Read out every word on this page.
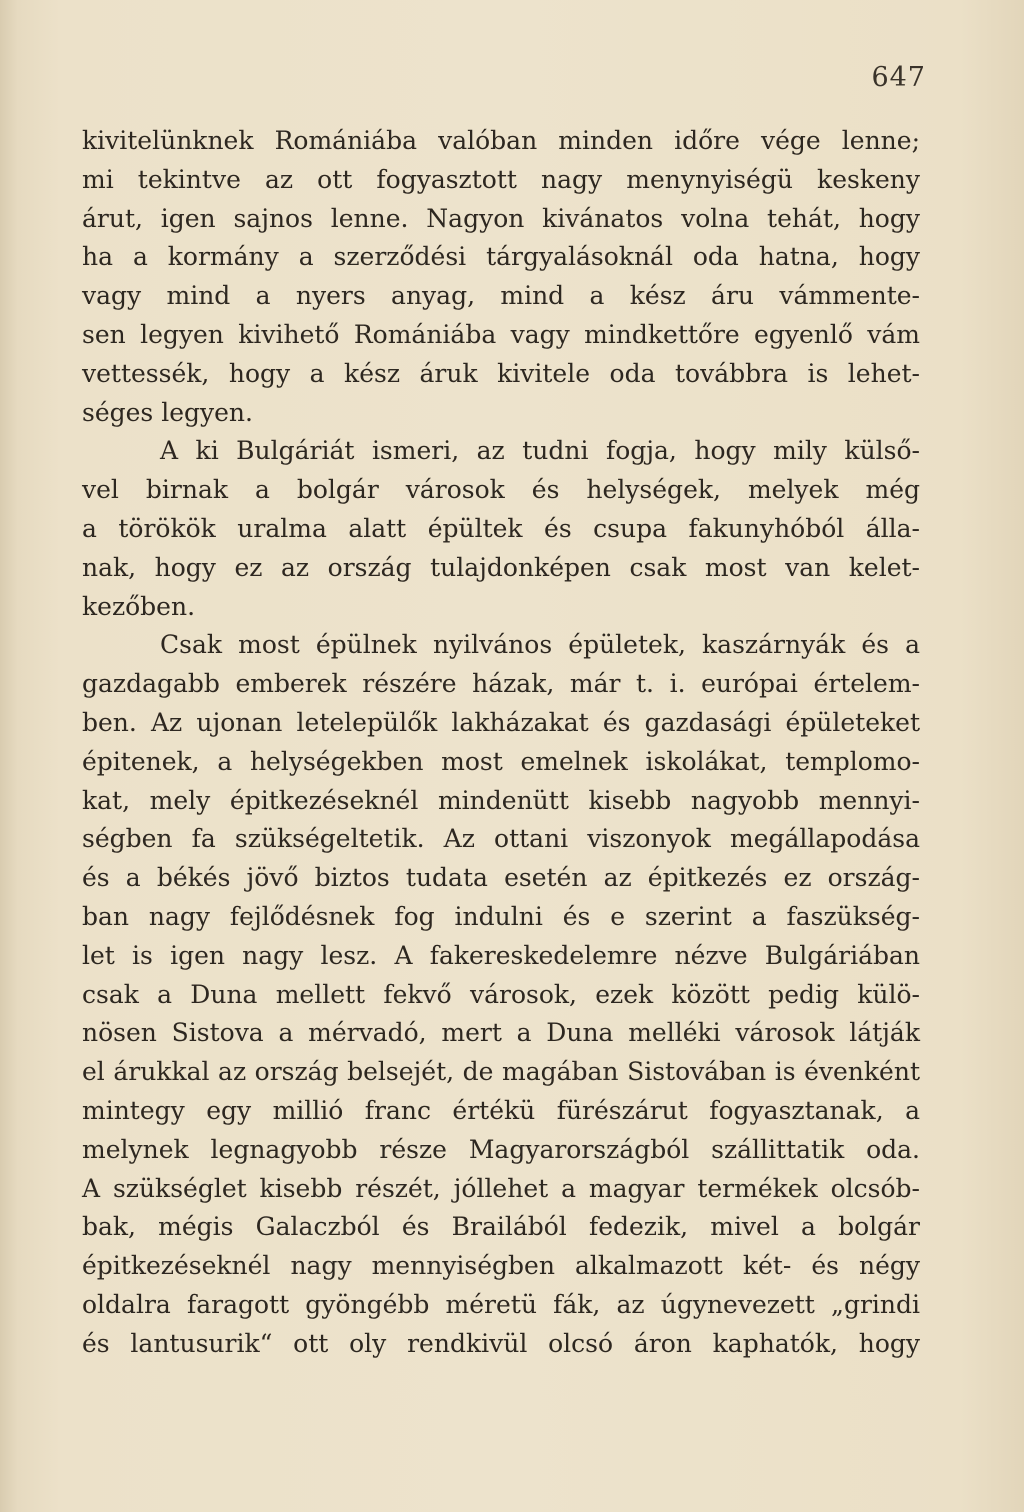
647
kivitelünknek Romániába valóban minden időre vége lenne;
mi tekintve az ott fogyasztott nagy menynyiségü keskeny
árut, igen sajnos lenne. Nagyon kivánatos volna tehát, hogy
ha a kormány a szerződési tárgyalásoknál oda hatna, hogy
vagy mind a nyers anyag, mind a kész áru vámmente-
sen legyen kivihető Romániába vagy mindkettőre egyenlő vám
vettessék, hogy a kész áruk kivitele oda továbbra is lehet-
séges legyen.
A ki Bulgáriát ismeri, az tudni fogja, hogy mily külső-
vel birnak a bolgár városok és helységek, melyek még
a törökök uralma alatt épültek és csupa fakunyhóból álla-
nak, hogy ez az ország tulajdonképen csak most van kelet-
kezőben.
Csak most épülnek nyilvános épületek, kaszárnyák és a
gazdagabb emberek részére házak, már t. i. európai értelem-
ben. Az ujonan letelepülők lakházakat és gazdasági épületeket
épitenek, a helységekben most emelnek iskolákat, templomo-
kat, mely épitkezéseknél mindenütt kisebb nagyobb mennyi-
ségben fa szükségeltetik. Az ottani viszonyok megállapodása
és a békés jövő biztos tudata esetén az épitkezés ez ország-
ban nagy fejlődésnek fog indulni és e szerint a faszükség-
let is igen nagy lesz. A fakereskedelemre nézve Bulgáriában
csak a Duna mellett fekvő városok, ezek között pedig külö-
nösen Sistova a mérvadó, mert a Duna melléki városok látják
el árukkal az ország belsejét, de magában Sistovában is évenként
mintegy egy millió franc értékü fürészárut fogyasztanak, a
melynek legnagyobb része Magyarországból szállittatik oda.
A szükséglet kisebb részét, jóllehet a magyar termékek olcsób-
bak, mégis Galaczból és Brailából fedezik, mivel a bolgár
épitkezéseknél nagy mennyiségben alkalmazott két- és négy
oldalra faragott gyöngébb méretü fák, az úgynevezett „grindi
és lantusurik“ ott oly rendkivül olcsó áron kaphatók, hogy
